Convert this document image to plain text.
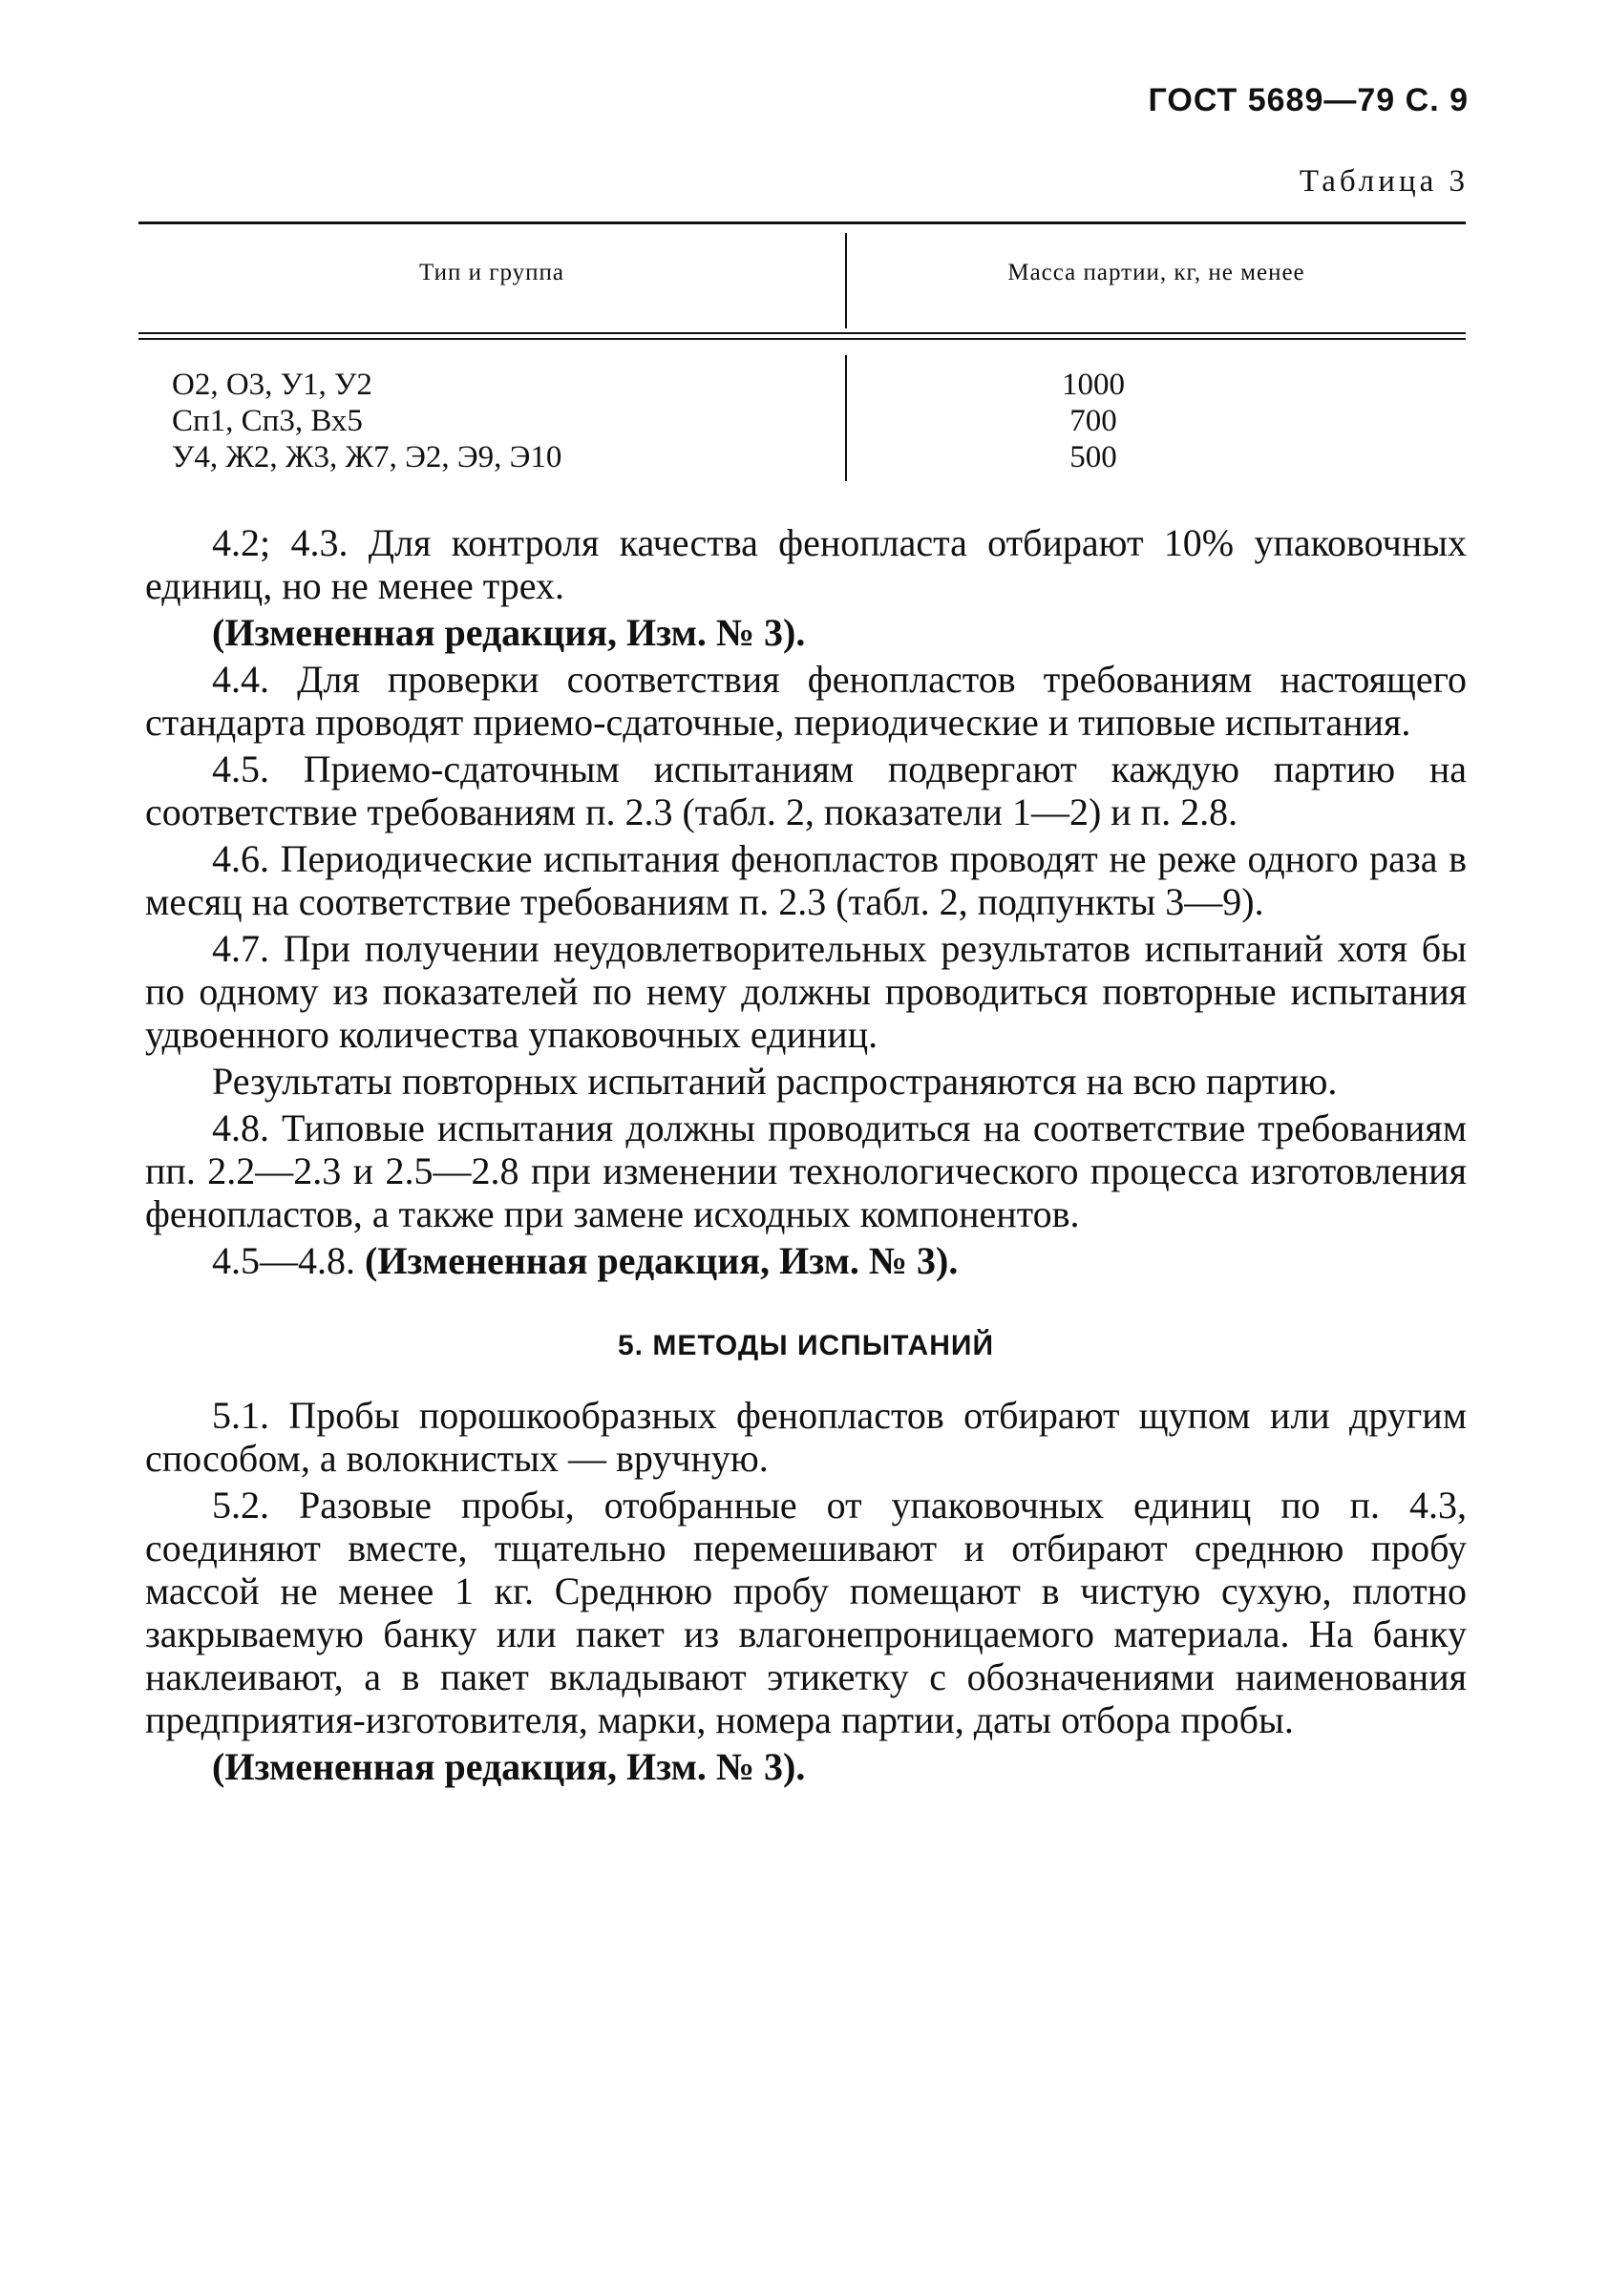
ГОСТ 5689—79 С. 9
Таблица 3
Тип и группа	Масса партии, кг, не менее
О2, О3, У1, У2	1000
Сп1, Сп3, Вх5	700
У4, Ж2, Ж3, Ж7, Э2, Э9, Э10	500

4.2; 4.3. Для контроля качества фенопласта отбирают 10% упаковочных единиц, но не менее трех.

(Измененная редакция, Изм. № 3).

4.4. Для проверки соответствия фенопластов требованиям настоящего стандарта проводят приемо-сдаточные, периодические и типовые испытания.

4.5. Приемо-сдаточным испытаниям подвергают каждую партию на соответствие требованиям п. 2.3 (табл. 2, показатели 1—2) и п. 2.8.

4.6. Периодические испытания фенопластов проводят не реже одного раза в месяц на соответствие требованиям п. 2.3 (табл. 2, подпункты 3—9).

4.7. При получении неудовлетворительных результатов испытаний хотя бы по одному из показателей по нему должны проводиться повторные испытания удвоенного количества упаковочных единиц.

Результаты повторных испытаний распространяются на всю партию.

4.8. Типовые испытания должны проводиться на соответствие требованиям пп. 2.2—2.3 и 2.5—2.8 при изменении технологического процесса изготовления фенопластов, а также при замене исходных компонентов.

4.5—4.8. (Измененная редакция, Изм. № 3).

5. МЕТОДЫ ИСПЫТАНИЙ

5.1. Пробы порошкообразных фенопластов отбирают щупом или другим способом, а волокнистых — вручную.

5.2. Разовые пробы, отобранные от упаковочных единиц по п. 4.3, соединяют вместе, тщательно перемешивают и отбирают среднюю пробу массой не менее 1 кг. Среднюю пробу помещают в чистую сухую, плотно закрываемую банку или пакет из влагонепроницаемого материала. На банку наклеивают, а в пакет вкладывают этикетку с обозначениями наименования предприятия-изготовителя, марки, номера партии, даты отбора пробы.

(Измененная редакция, Изм. № 3).
